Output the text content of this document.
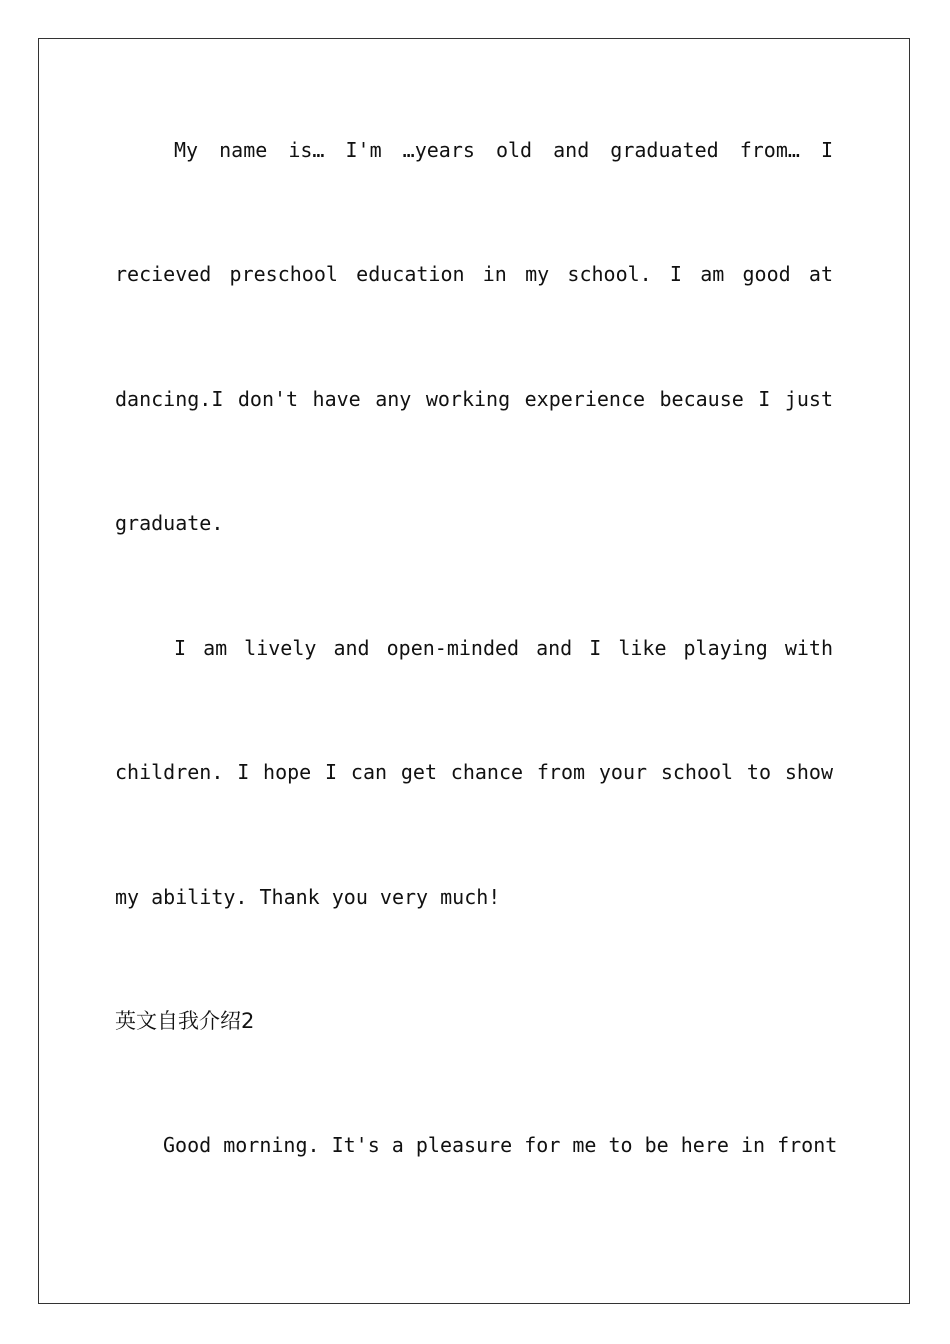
My name is… I'm …years old and graduated from… I
recieved preschool education in my school. I am good at
dancing.I don't have any working experience because I just
graduate.
I am lively and open-minded and I like playing with
children. I hope I can get chance from your school to show
my ability. Thank you very much!
英文自我介绍2
Good morning. It's a pleasure for me to be here in front
